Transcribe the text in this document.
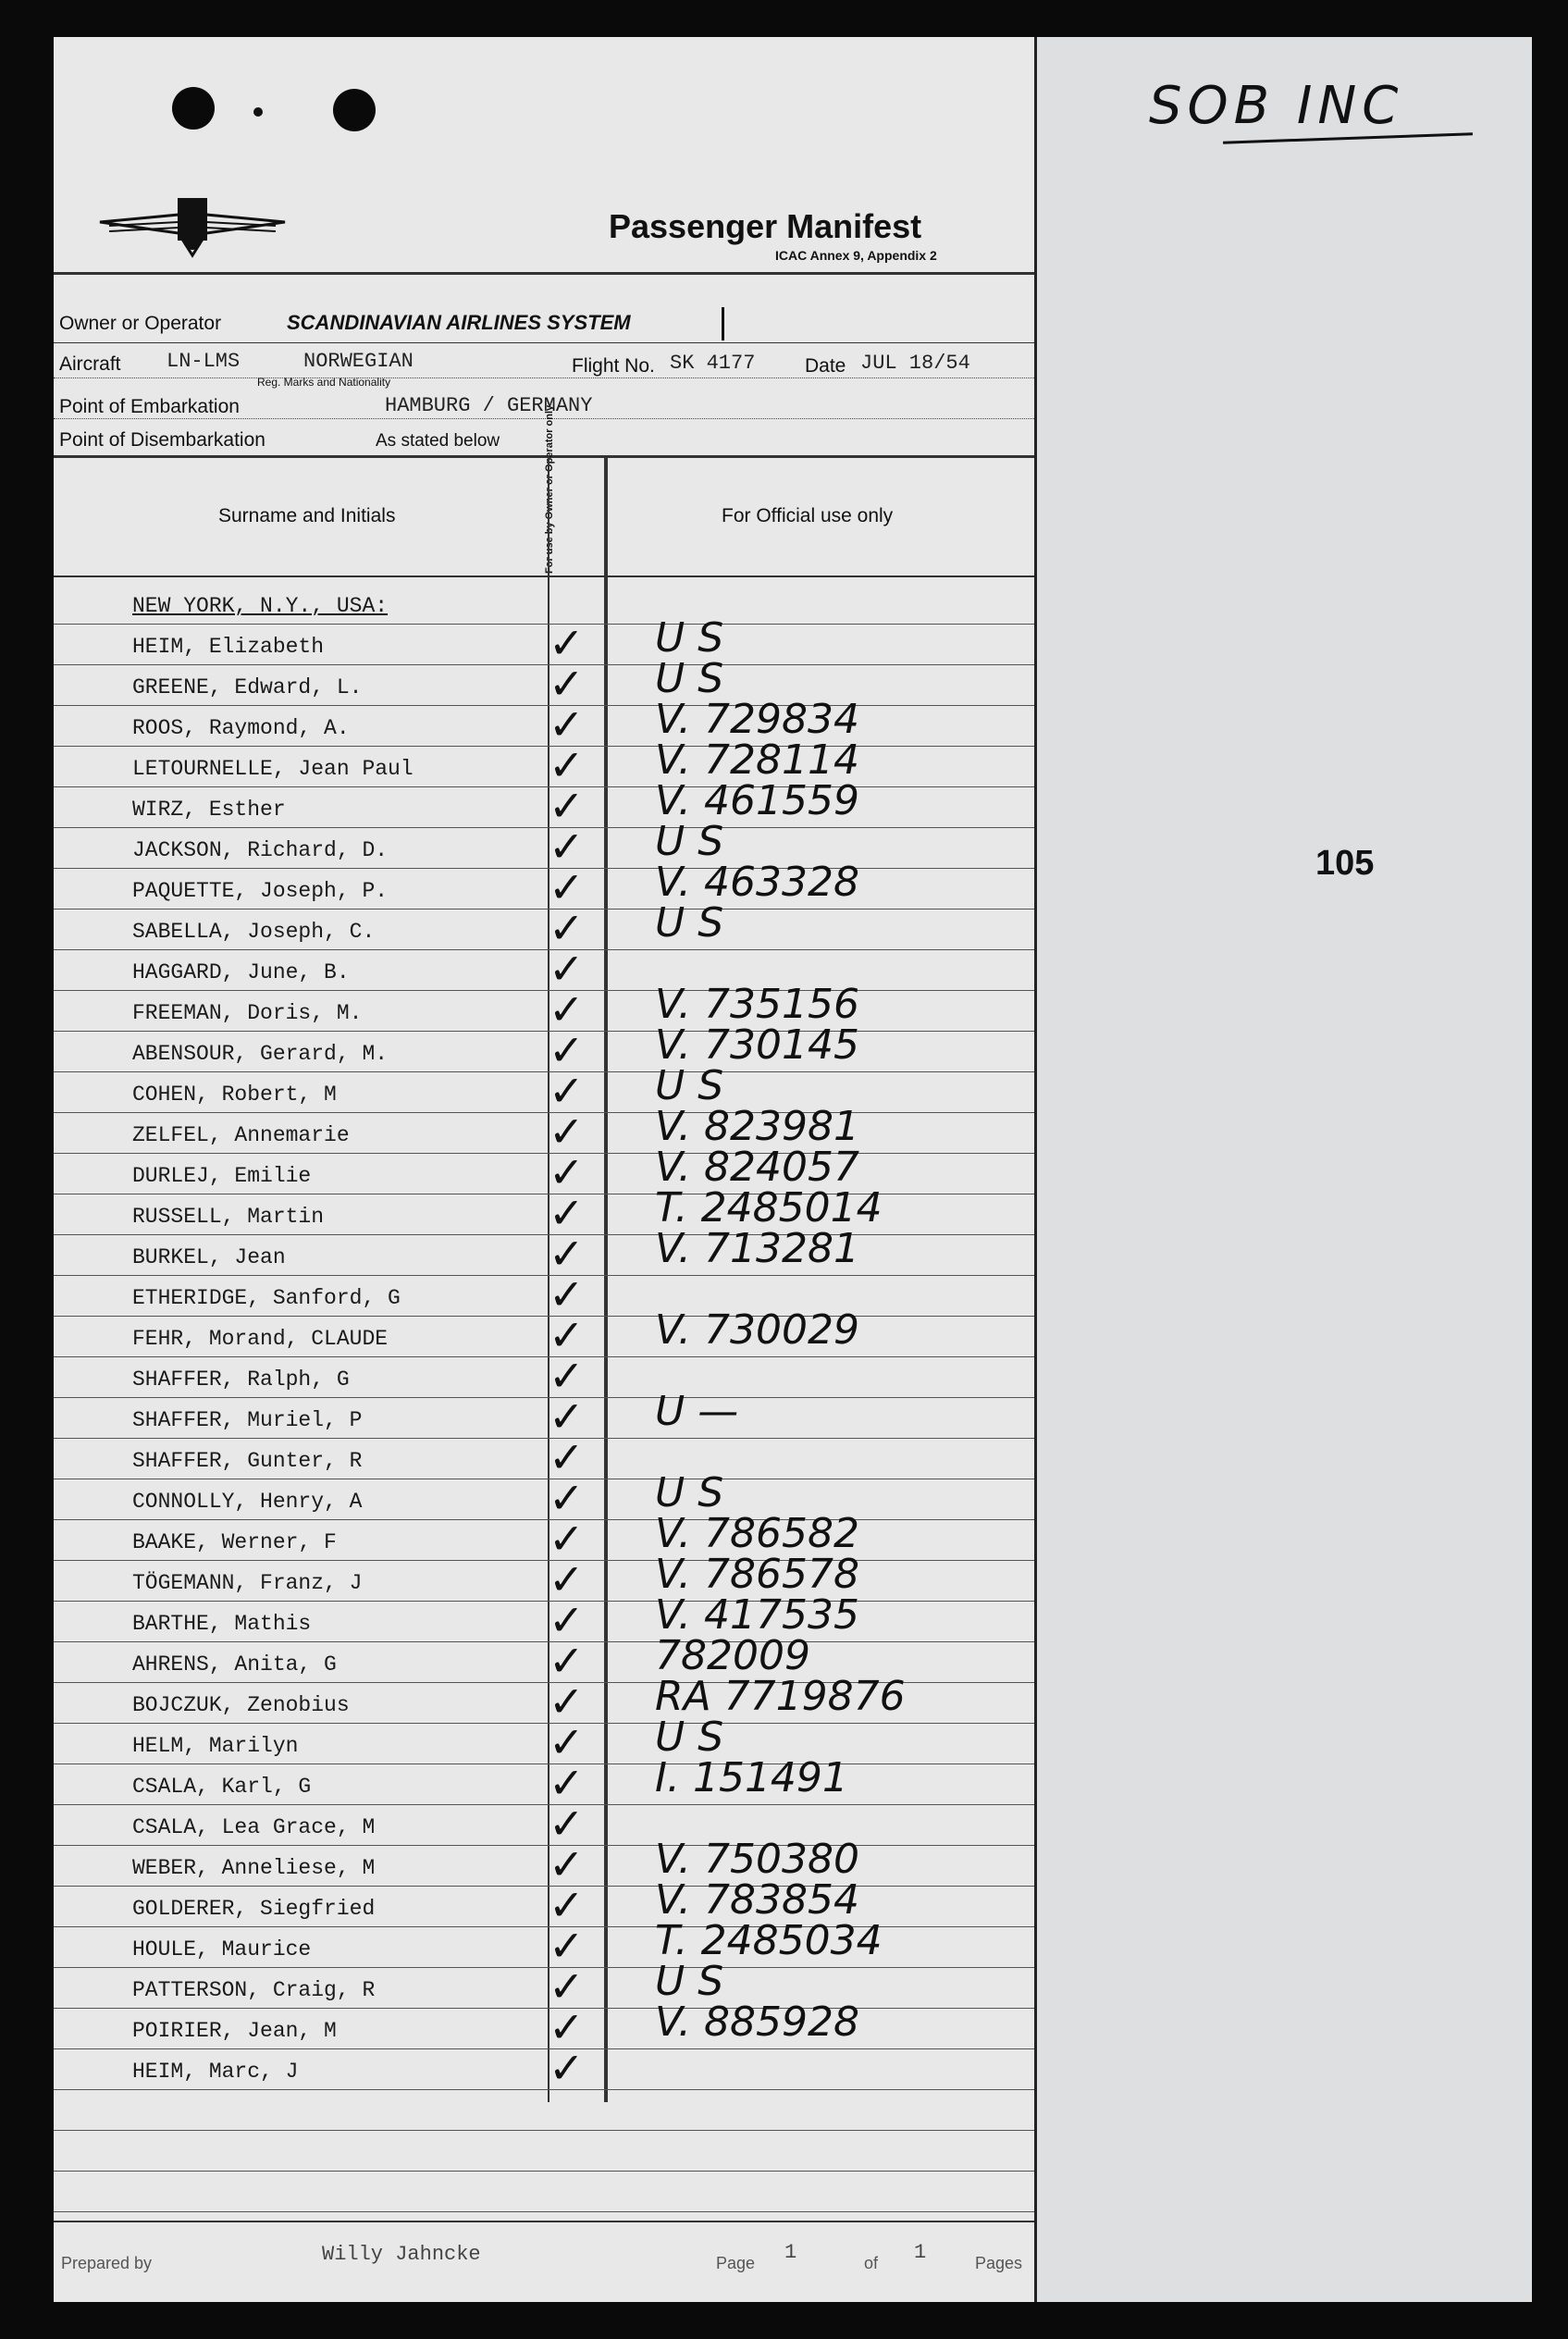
Passenger Manifest
ICAC Annex 9, Appendix 2
Owner or Operator	SCANDINAVIAN AIRLINES SYSTEM
Aircraft LN-LMS	NORWEGIAN
Reg. Marks and Nationality
Flight No. SK 4177	Date JUL 18/54
Point of Embarkation	HAMBURG / GERMANY
Point of Disembarkation	As stated below
Surname and Initials	For use by Owner or Operator only	For Official use only
NEW YORK, N.Y., USA:
HEIM, Elizabeth	✓ U S
GREENE, Edward, L.	✓ U S
ROOS, Raymond, A.	✓ V. 729834
LETOURNELLE, Jean Paul	✓ V. 728114
WIRZ, Esther	✓ V. 461559
JACKSON, Richard, D.	✓ U S
PAQUETTE, Joseph, P.	✓ V. 463328
SABELLA, Joseph, C.	✓ U S
HAGGARD, June, B.	✓
FREEMAN, Doris, M.	✓ V. 735156
ABENSOUR, Gerard, M.	✓ V. 730145
COHEN, Robert, M	✓ U S
ZELFEL, Annemarie	✓ V. 823981
DURLEJ, Emilie	✓ V. 824057
RUSSELL, Martin	✓ T. 2485014
BURKEL, Jean	✓ V. 713281
ETHERIDGE, Sanford, G	✓
FEHR, Morand, CLAUDE	✓ V. 730029
SHAFFER, Ralph, G	✓
SHAFFER, Muriel, P	✓ U —
SHAFFER, Gunter, R	✓
CONNOLLY, Henry, A	✓ U S
BAAKE, Werner, F	✓ V. 786582
TÖGEMANN, Franz, J	✓ V. 786578
BARTHE, Mathis	✓ V. 417535
AHRENS, Anita, G	✓ 782009
BOJCZUK, Zenobius	✓ RA 7719876
HELM, Marilyn	✓ U S
CSALA, Karl, G	✓ I. 151491
CSALA, Lea Grace, M	✓
WEBER, Anneliese, M	✓ V. 750380
GOLDERER, Siegfried	✓ V. 783854
HOULE, Maurice	✓ T. 2485034
PATTERSON, Craig, R	✓ U S
POIRIER, Jean, M	✓ V. 885928
HEIM, Marc, J	✓
Prepared by	Willy Jahncke	Page 1	of 1	Pages
SOB INC
105
